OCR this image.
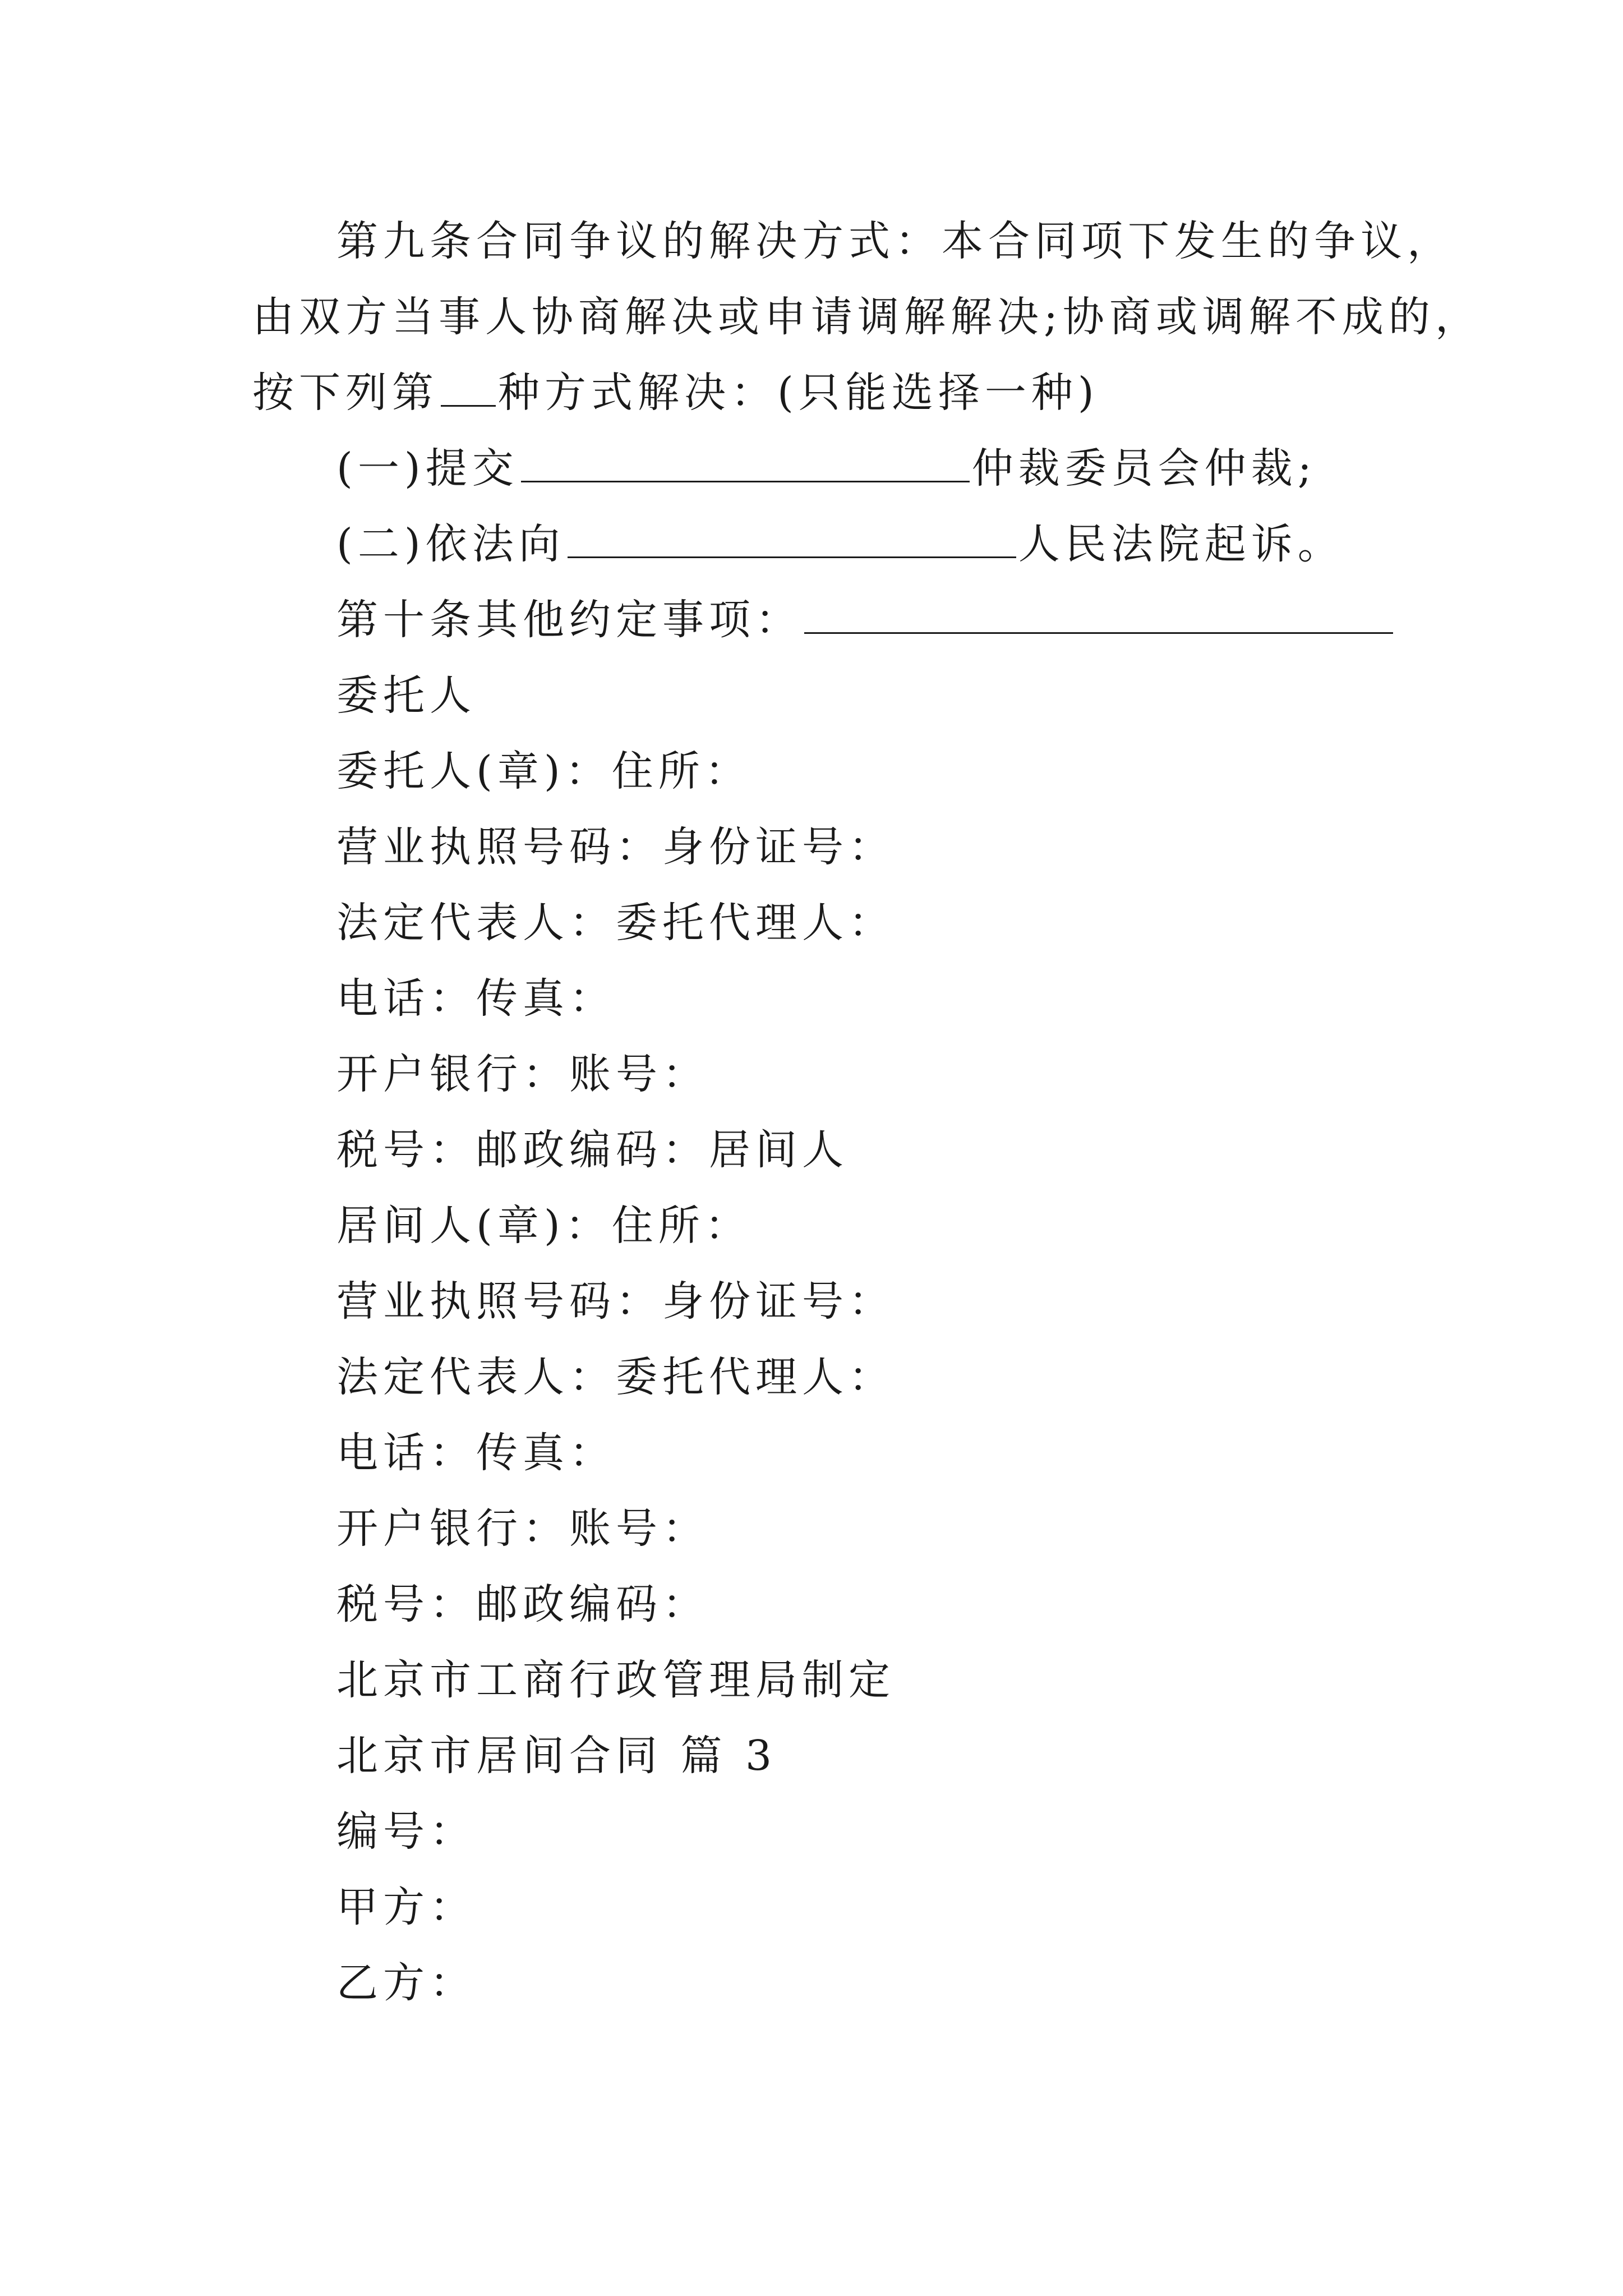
第九条合同争议的解决方式：本合同项下发生的争议，
由双方当事人协商解决或申请调解解决;协商或调解不成的，
按下列第 种方式解决：(只能选择一种)
(一)提交	仲裁委员会仲裁;
(二)依法向	人民法院起诉。
第十条其他约定事项：
委托人
委托人(章)：住所：
营业执照号码：身份证号：
法定代表人：委托代理人：
电话：传真：
开户银行：账号：
税号：邮政编码：居间人
居间人(章)：住所：
营业执照号码：身份证号：
法定代表人：委托代理人：
电话：传真：
开户银行：账号：
税号：邮政编码：
北京市工商行政管理局制定
北京市居间合同 篇 3
编号：
甲方：
乙方：
